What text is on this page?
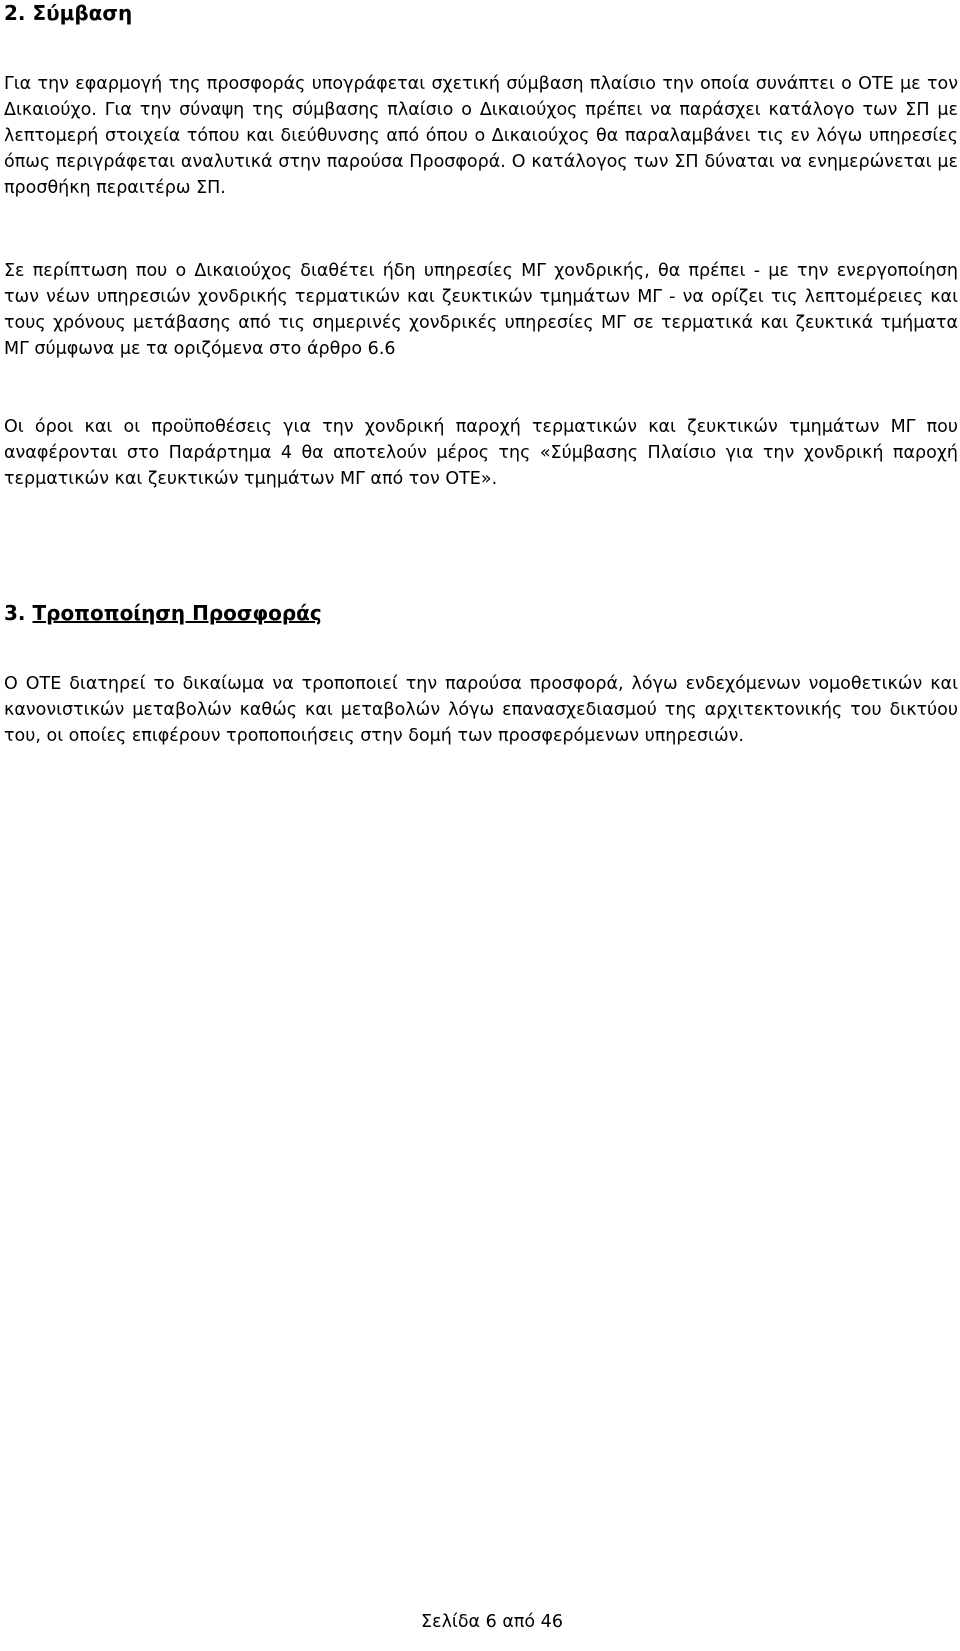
2. Σύμβαση

Για την εφαρμογή της προσφοράς υπογράφεται σχετική σύμβαση πλαίσιο την οποία συνάπτει ο ΟΤΕ με τον Δικαιούχο. Για την σύναψη της σύμβασης πλαίσιο ο Δικαιούχος πρέπει να παράσχει κατάλογο των ΣΠ με λεπτομερή στοιχεία τόπου και διεύθυνσης από όπου ο Δικαιούχος θα παραλαμβάνει τις εν λόγω υπηρεσίες όπως περιγράφεται αναλυτικά στην παρούσα Προσφορά. Ο κατάλογος των ΣΠ δύναται να ενημερώνεται με προσθήκη περαιτέρω ΣΠ.

Σε περίπτωση που ο Δικαιούχος διαθέτει ήδη υπηρεσίες ΜΓ χονδρικής, θα πρέπει - με την ενεργοποίηση των νέων υπηρεσιών χονδρικής τερματικών και ζευκτικών τμημάτων ΜΓ - να ορίζει τις λεπτομέρειες και τους χρόνους μετάβασης από τις σημερινές χονδρικές υπηρεσίες ΜΓ σε τερματικά και ζευκτικά τμήματα ΜΓ σύμφωνα με τα οριζόμενα στο άρθρο 6.6

Οι όροι και οι προϋποθέσεις για την χονδρική παροχή τερματικών και ζευκτικών τμημάτων ΜΓ που αναφέρονται στο Παράρτημα 4 θα αποτελούν μέρος της «Σύμβασης Πλαίσιο για την χονδρική παροχή τερματικών και ζευκτικών τμημάτων ΜΓ από τον ΟΤΕ».

3. Τροποποίηση Προσφοράς

Ο ΟΤΕ διατηρεί το δικαίωμα να τροποποιεί την παρούσα προσφορά, λόγω ενδεχόμενων νομοθετικών και κανονιστικών μεταβολών καθώς και μεταβολών λόγω επανασχεδιασμού της αρχιτεκτονικής του δικτύου του, οι οποίες επιφέρουν τροποποιήσεις στην δομή των προσφερόμενων υπηρεσιών.

Σελίδα 6 από 46
